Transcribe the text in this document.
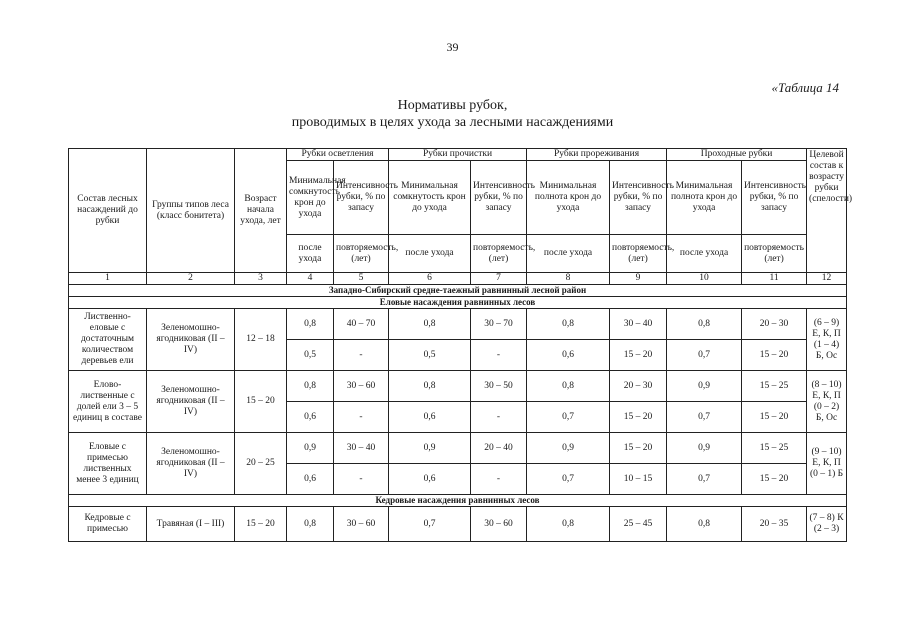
39
«Таблица 14
Нормативы рубок,
проводимых в целях ухода за лесными насаждениями
Состав лесных насаждений до рубки	Группы типов леса (класс бонитета)	Возраст начала ухода, лет	Рубки осветления		Рубки прочистки		Рубки прореживания		Проходные рубки		Целевой состав к возрасту рубки (спелости)
			Минимальная сомкнутость крон до ухода	Интенсивность рубки, % по запасу	Минимальная сомкнутость крон до ухода	Интенсивность рубки, % по запасу	Минимальная полнота крон до ухода	Интенсивность рубки, % по запасу	Минимальная полнота крон до ухода	Интенсивность рубки, % по запасу	
			после ухода	повторяемость, (лет)	после ухода	повторяемость, (лет)	после ухода	повторяемость, (лет)	после ухода	повторяемость (лет)	
1	2	3	4	5	6	7	8	9	10	11	12
Западно-Сибирский средне-таежный равнинный лесной район											
Еловые насаждения равнинных лесов											
Лиственно-еловые с достаточным количеством деревьев ели	Зеленомошно-ягодниковая (II – IV)	12 – 18	0,8	40 – 70	0,8	30 – 70	0,8	30 – 40	0,8	20 – 30	(6 – 9) Е, К, П (1 – 4) Б, Ос
			0,5	-	0,5	-	0,6	15 – 20	0,7	15 – 20	
Елово-лиственные с долей ели 3 – 5 единиц в составе	Зеленомошно-ягодниковая (II – IV)	15 – 20	0,8	30 – 60	0,8	30 – 50	0,8	20 – 30	0,9	15 – 25	(8 – 10) Е, К, П (0 – 2) Б, Ос
			0,6	-	0,6	-	0,7	15 – 20	0,7	15 – 20	
Еловые с примесью лиственных менее 3 единиц	Зеленомошно-ягодниковая (II – IV)	20 – 25	0,9	30 – 40	0,9	20 – 40	0,9	15 – 20	0,9	15 – 25	(9 – 10) Е, К, П (0 – 1) Б
			0,6	-	0,6	-	0,7	10 – 15	0,7	15 – 20	
Кедровые насаждения равнинных лесов											
Кедровые с примесью	Травяная (I – III)	15 – 20	0,8	30 – 60	0,7	30 – 60	0,8	25 – 45	0,8	20 – 35	(7 – 8) К (2 – 3)
